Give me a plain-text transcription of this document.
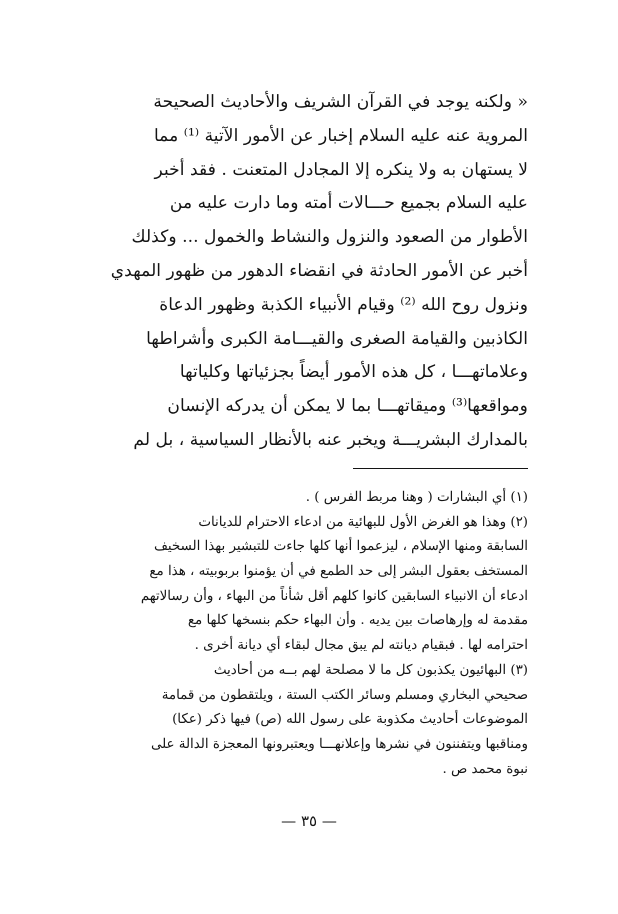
« ولكنه يوجد في القرآن الشريف والأحاديث الصحيحة
المروية عنه عليه السلام إخبار عن الأمور الآتية ⁽¹⁾ مما
لا يستهان به ولا ينكره إلا المجادل المتعنت . فقد أخبر
عليه السلام بجميع حـــالات أمته وما دارت عليه من
الأطوار من الصعود والنزول والنشاط والخمول ... وكذلك
أخبر عن الأمور الحادثة في انقضاء الدهور من ظهور المهدي
ونزول روح الله ⁽²⁾ وقيام الأنبياء الكذبة وظهور الدعاة
الكاذبين والقيامة الصغرى والقيـــامة الكبرى وأشراطها
وعلاماتهـــا ، كل هذه الأمور أيضاً بجزئياتها وكلياتها
ومواقعها⁽³⁾ وميقاتهـــا بما لا يمكن أن يدركه الإنسان
بالمدارك البشريـــة ويخبر عنه بالأنظار السياسية ، بل لم
(١) أي البشارات ( وهنا مربط الفرس ) .
(٢) وهذا هو الغرض الأول للبهائية من ادعاء الاحترام للديانات
السابقة ومنها الإسلام ، ليزعموا أنها كلها جاءت للتبشير بهذا السخيف
المستخف بعقول البشر إلى حد الطمع في أن يؤمنوا بربوبيته ، هذا مع
ادعاء أن الانبياء السابقين كانوا كلهم أقل شأناً من البهاء ، وأن رسالاتهم
مقدمة له وإرهاصات بين يديه . وأن البهاء حكم بنسخها كلها مع
احترامه لها . فبقيام ديانته لم يبق مجال لبقاء أي ديانة أخرى .
(٣) البهائيون يكذبون كل ما لا مصلحة لهم بــه من أحاديث
صحيحي البخاري ومسلم وسائر الكتب الستة ، ويلتقطون من قمامة
الموضوعات أحاديث مكذوبة على رسول الله (ص) فيها ذكر (عكا)
ومناقبها ويتفننون في نشرها وإعلانهـــا ويعتبرونها المعجزة الدالة على
نبوة محمد ص .
— ٣٥ —
